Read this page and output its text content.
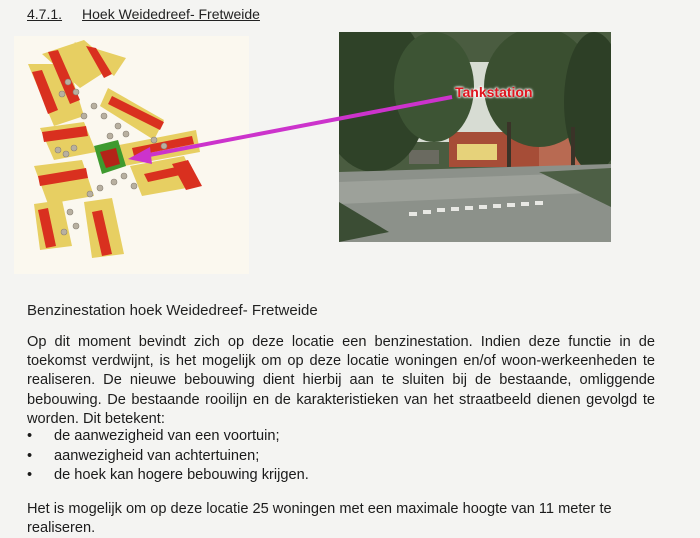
4.7.1. Hoek Weidedreef- Fretweide
Tankstation
Benzinestation hoek Weidedreef- Fretweide
Op dit moment bevindt zich op deze locatie een benzinestation. Indien deze functie in de toekomst verdwijnt, is het mogelijk om op deze locatie woningen en/of woon-werkeenheden te realiseren. De nieuwe bebouwing dient hierbij aan te sluiten bij de bestaande, omliggende bebouwing. De bestaande rooilijn en de karakteristieken van het straatbeeld dienen gevolgd te worden. Dit betekent:
• de aanwezigheid van een voortuin;
• aanwezigheid van achtertuinen;
• de hoek kan hogere bebouwing krijgen.
Het is mogelijk om op deze locatie 25 woningen met een maximale hoogte van 11 meter te realiseren.
